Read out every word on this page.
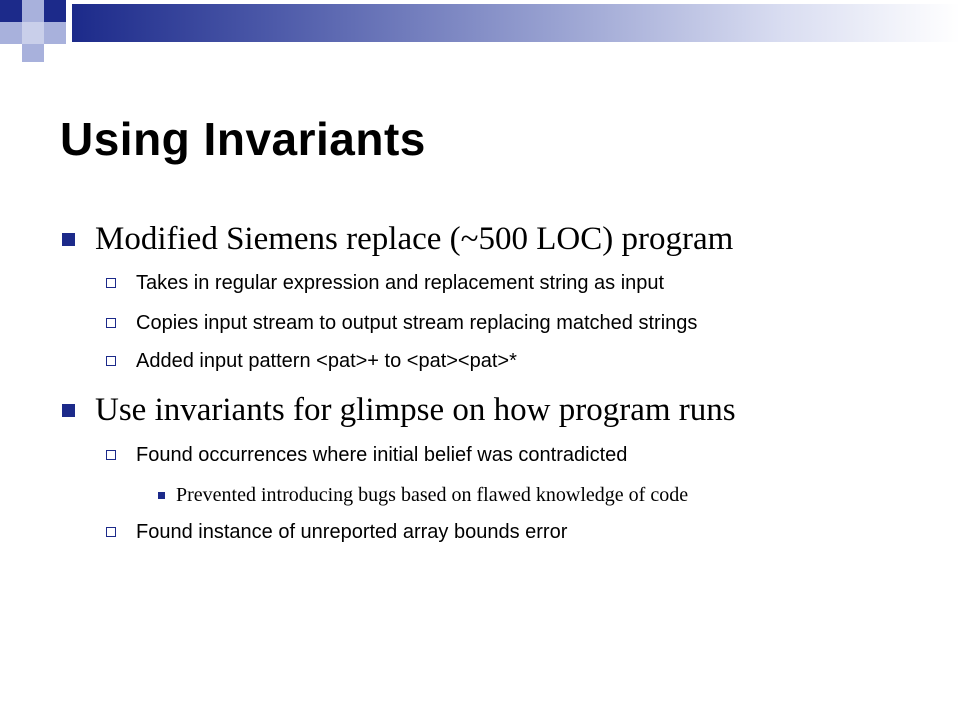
Using Invariants
Modified Siemens replace (~500 LOC) program
Takes in regular expression and replacement string as input
Copies input stream to output stream replacing matched strings
Added input pattern <pat>+ to <pat><pat>*
Use invariants for glimpse on how program runs
Found occurrences where initial belief was contradicted
Prevented introducing bugs based on flawed knowledge of code
Found instance of unreported array bounds error
